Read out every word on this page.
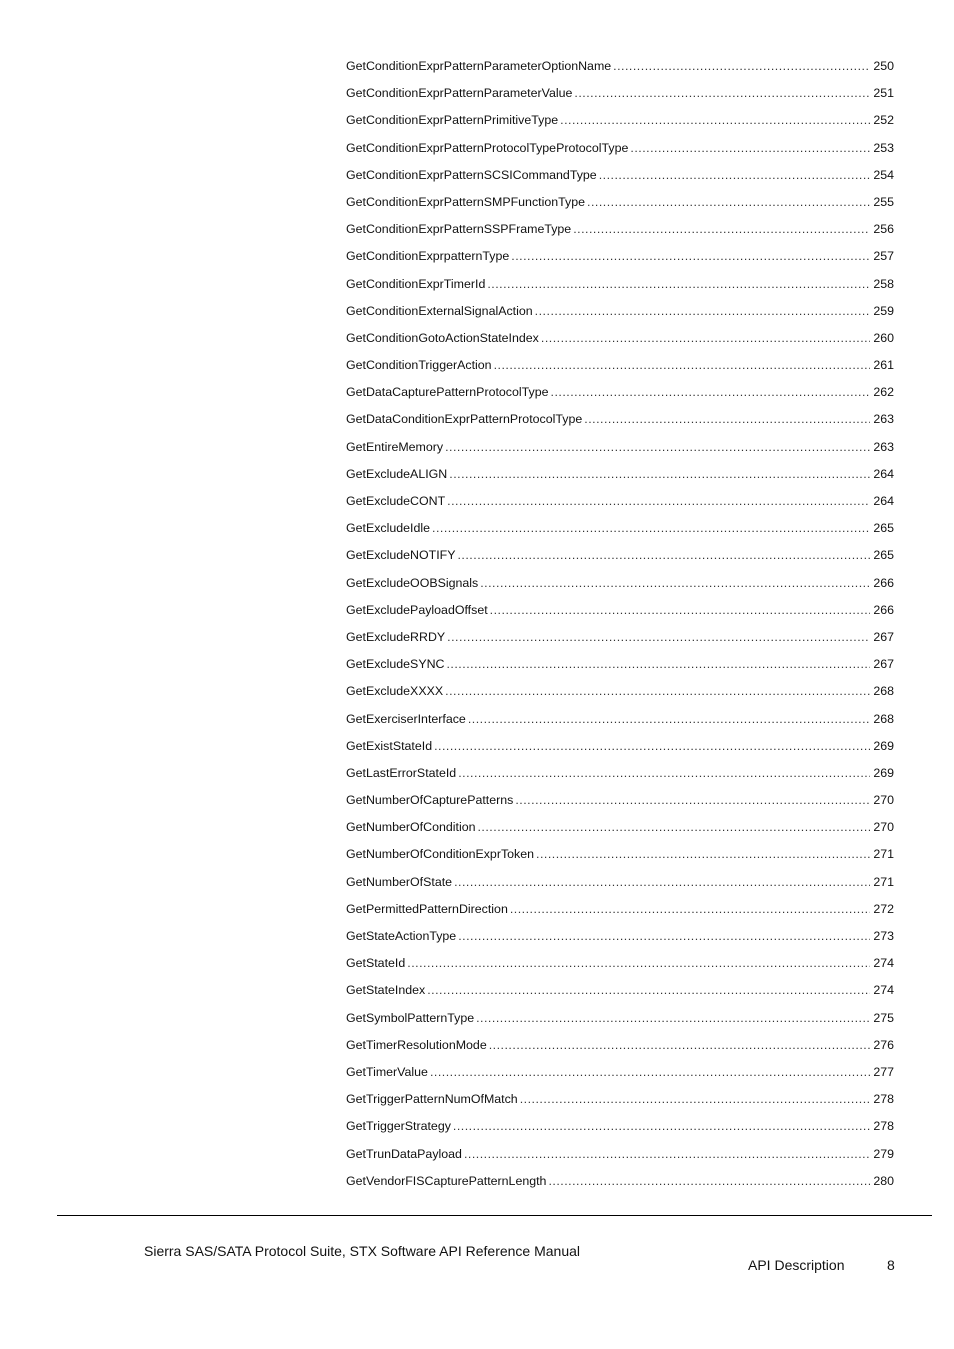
GetConditionExprPatternParameterOptionName .....	250
GetConditionExprPatternParameterValue .....	251
GetConditionExprPatternPrimitiveType .....	252
GetConditionExprPatternProtocolTypeProtocolType .....	253
GetConditionExprPatternSCSICommandType .....	254
GetConditionExprPatternSMPFunctionType .....	255
GetConditionExprPatternSSPFrameType .....	256
GetConditionExprpatternType .....	257
GetConditionExprTimerId .....	258
GetConditionExternalSignalAction .....	259
GetConditionGotoActionStateIndex .....	260
GetConditionTriggerAction .....	261
GetDataCapturePatternProtocolType .....	262
GetDataConditionExprPatternProtocolType .....	263
GetEntireMemory .....	263
GetExcludeALIGN .....	264
GetExcludeCONT .....	264
GetExcludeIdle .....	265
GetExcludeNOTIFY .....	265
GetExcludeOOBSignals .....	266
GetExcludePayloadOffset .....	266
GetExcludeRRDY .....	267
GetExcludeSYNC .....	267
GetExcludeXXXX .....	268
GetExerciserInterface .....	268
GetExistStateId .....	269
GetLastErrorStateId .....	269
GetNumberOfCapturePatterns .....	270
GetNumberOfCondition .....	270
GetNumberOfConditionExprToken .....	271
GetNumberOfState .....	271
GetPermittedPatternDirection .....	272
GetStateActionType .....	273
GetStateId .....	274
GetStateIndex .....	274
GetSymbolPatternType .....	275
GetTimerResolutionMode .....	276
GetTimerValue .....	277
GetTriggerPatternNumOfMatch .....	278
GetTriggerStrategy .....	278
GetTrunDataPayload .....	279
GetVendorFISCapturePatternLength .....	280
Sierra SAS/SATA Protocol Suite, STX Software API Reference Manual
API Description	8
